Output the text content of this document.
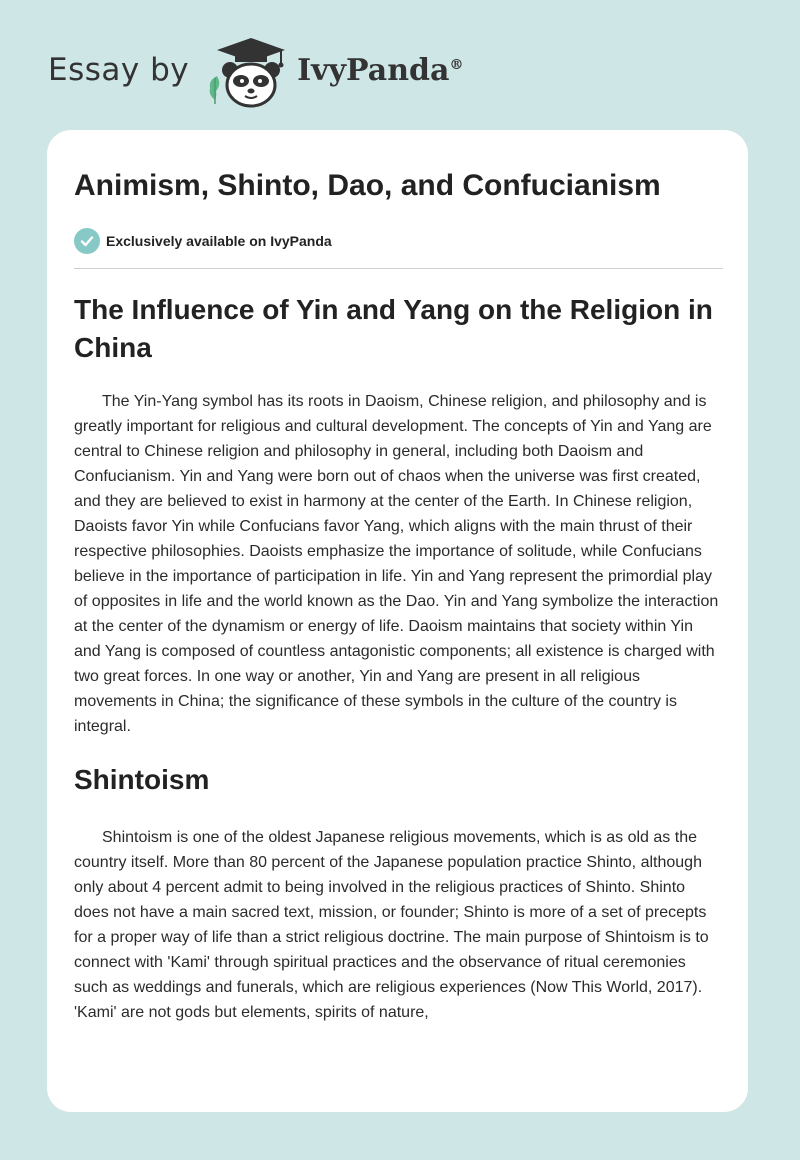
Essay by	IvyPanda®
Animism, Shinto, Dao, and Confucianism
Exclusively available on IvyPanda
The Influence of Yin and Yang on the Religion in China

The Yin-Yang symbol has its roots in Daoism, Chinese religion, and philosophy and is greatly important for religious and cultural development. The concepts of Yin and Yang are central to Chinese religion and philosophy in general, including both Daoism and Confucianism. Yin and Yang were born out of chaos when the universe was first created, and they are believed to exist in harmony at the center of the Earth. In Chinese religion, Daoists favor Yin while Confucians favor Yang, which aligns with the main thrust of their respective philosophies. Daoists emphasize the importance of solitude, while Confucians believe in the importance of participation in life. Yin and Yang represent the primordial play of opposites in life and the world known as the Dao. Yin and Yang symbolize the interaction at the center of the dynamism or energy of life. Daoism maintains that society within Yin and Yang is composed of countless antagonistic components; all existence is charged with two great forces. In one way or another, Yin and Yang are present in all religious movements in China; the significance of these symbols in the culture of the country is integral.

Shintoism

Shintoism is one of the oldest Japanese religious movements, which is as old as the country itself. More than 80 percent of the Japanese population practice Shinto, although only about 4 percent admit to being involved in the religious practices of Shinto. Shinto does not have a main sacred text, mission, or founder; Shinto is more of a set of precepts for a proper way of life than a strict religious doctrine. The main purpose of Shintoism is to connect with 'Kami' through spiritual practices and the observance of ritual ceremonies such as weddings and funerals, which are religious experiences (Now This World, 2017). 'Kami' are not gods but elements, spirits of nature,
